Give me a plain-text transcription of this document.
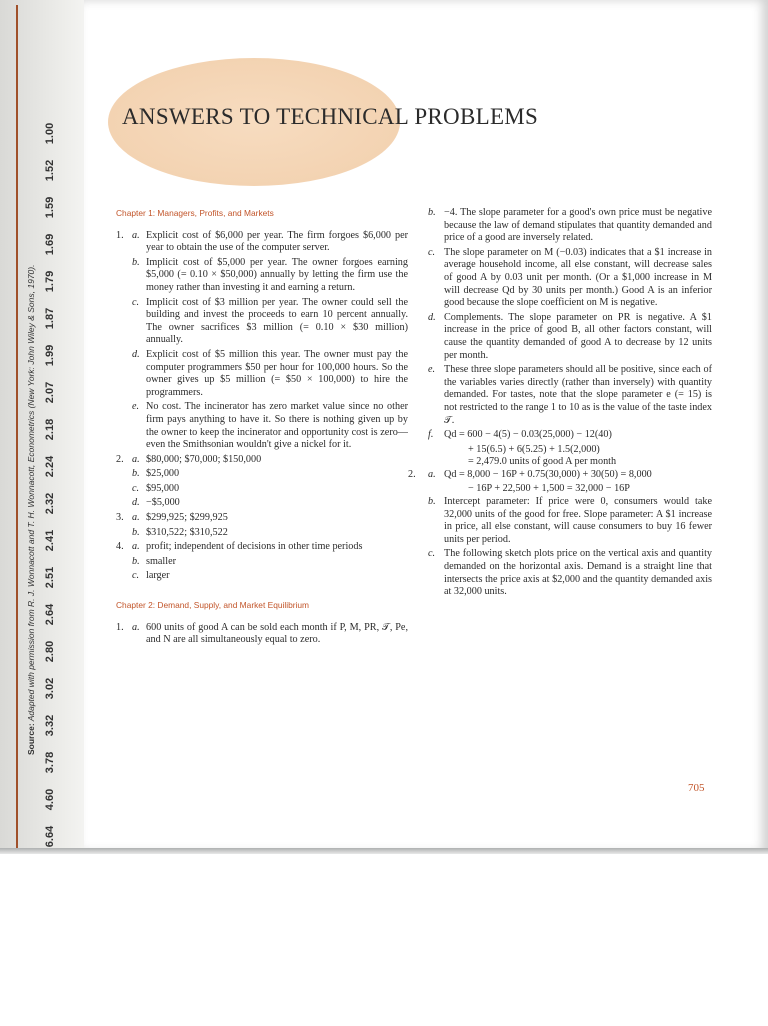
6.644.603.783.323.022.802.642.512.412.322.242.182.071.991.871.791.691.591.521.00
Source: Adapted with permission from R. J. Wonnacott and T. H. Wonnacott, Econometrics (New York: John Wiley & Sons, 1970).
ANSWERS TO TECHNICAL PROBLEMS
Chapter 1: Managers, Profits, and Markets
1. a. Explicit cost of $6,000 per year. The firm forgoes $6,000 per year to obtain the use of the computer server.
b. Implicit cost of $5,000 per year. The owner forgoes earning $5,000 (= 0.10 × $50,000) annually by letting the firm use the money rather than investing it and earning a return.
c. Implicit cost of $3 million per year. The owner could sell the building and invest the proceeds to earn 10 percent annually. The owner sacrifices $3 million (= 0.10 × $30 million) annually.
d. Explicit cost of $5 million this year. The owner must pay the computer programmers $50 per hour for 100,000 hours. So the owner gives up $5 million (= $50 × 100,000) to hire the programmers.
e. No cost. The incinerator has zero market value since no other firm pays anything to have it. So there is nothing given up by the owner to keep the incinerator and opportunity cost is zero—even the Smithsonian wouldn't give a nickel for it.
2. a. $80,000; $70,000; $150,000
b. $25,000
c. $95,000
d. −$5,000
3. a. $299,925; $299,925
b. $310,522; $310,522
4. a. profit; independent of decisions in other time periods
b. smaller
c. larger
Chapter 2: Demand, Supply, and Market Equilibrium
1. a. 600 units of good A can be sold each month if P, M, PR, 𝒯, Pe, and N are all simultaneously equal to zero.
b. −4. The slope parameter for a good's own price must be negative because the law of demand stipulates that quantity demanded and price of a good are inversely related.
c. The slope parameter on M (−0.03) indicates that a $1 increase in average household income, all else constant, will decrease sales of good A by 0.03 unit per month. (Or a $1,000 increase in M will decrease Qd by 30 units per month.) Good A is an inferior good because the slope coefficient on M is negative.
d. Complements. The slope parameter on PR is negative. A $1 increase in the price of good B, all other factors constant, will cause the quantity demanded of good A to decrease by 12 units per month.
e. These three slope parameters should all be positive, since each of the variables varies directly (rather than inversely) with quantity demanded. For tastes, note that the slope parameter e (= 15) is not restricted to the range 1 to 10 as is the value of the taste index 𝒯.
f. Qd = 600 − 4(5) − 0.03(25,000) − 12(40)
+ 15(6.5) + 6(5.25) + 1.5(2,000)
= 2,479.0 units of good A per month
2. a. Qd = 8,000 − 16P + 0.75(30,000) + 30(50) = 8,000
− 16P + 22,500 + 1,500 = 32,000 − 16P
b. Intercept parameter: If price were 0, consumers would take 32,000 units of the good for free. Slope parameter: A $1 increase in price, all else constant, will cause consumers to buy 16 fewer units per period.
c. The following sketch plots price on the vertical axis and quantity demanded on the horizontal axis. Demand is a straight line that intersects the price axis at $2,000 and the quantity demanded axis at 32,000 units.
705
